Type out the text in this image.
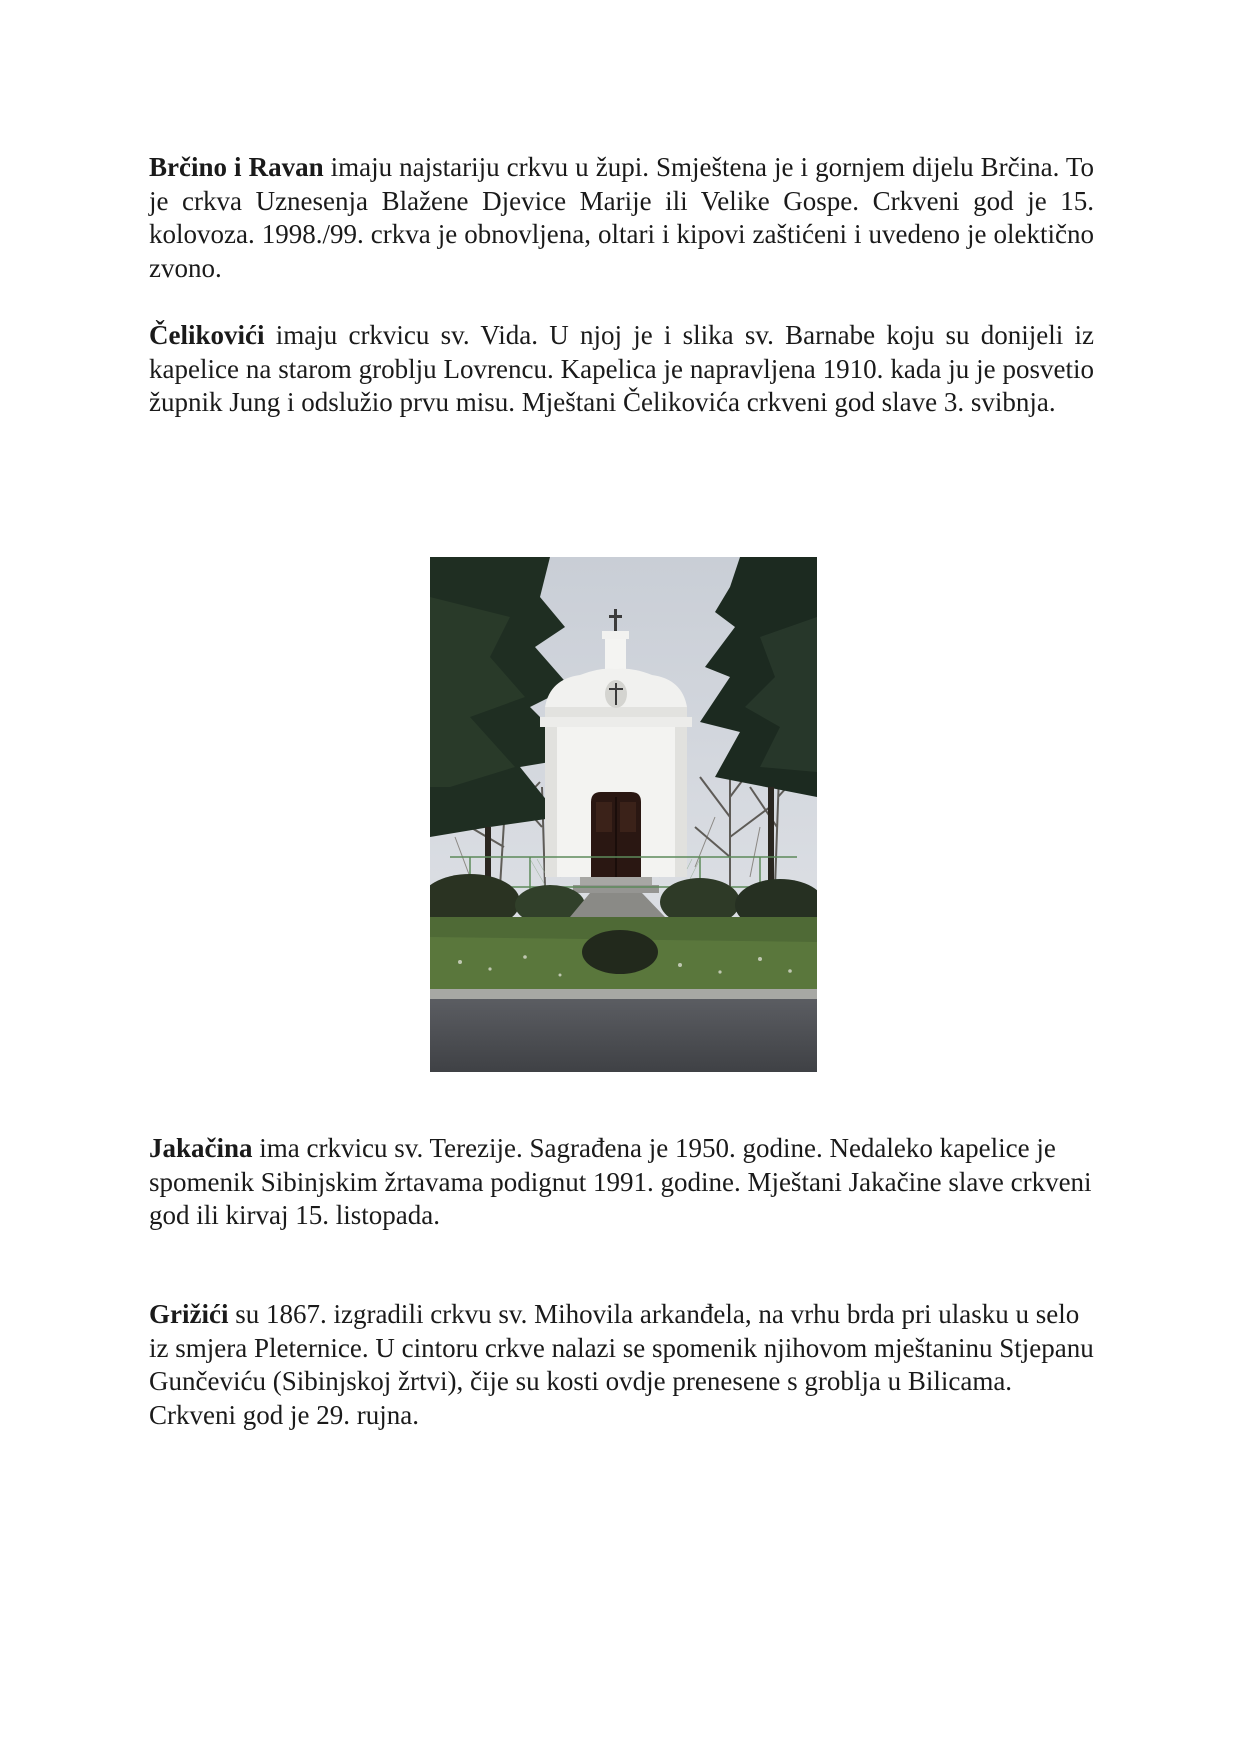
Brčino i Ravan imaju najstariju crkvu u župi. Smještena je i gornjem dijelu Brčina. To je crkva Uznesenja Blažene Djevice Marije ili Velike Gospe. Crkveni god je 15. kolovoza. 1998./99. crkva je obnovljena, oltari i kipovi zaštićeni i uvedeno je olektično zvono.

Čelikovići imaju crkvicu sv. Vida. U njoj je i slika sv. Barnabe koju su donijeli iz kapelice na starom groblju Lovrencu. Kapelica je napravljena 1910. kada ju je posvetio župnik Jung i odslužio prvu misu. Mještani Čelikovića crkveni god slave 3. svibnja.

Jakačina ima crkvicu sv. Terezije. Sagrađena je 1950. godine. Nedaleko kapelice je spomenik Sibinjskim žrtavama podignut 1991. godine. Mještani Jakačine slave crkveni god ili kirvaj 15. listopada.

Grižići su 1867. izgradili crkvu sv. Mihovila arkanđela, na vrhu brda pri ulasku u selo iz smjera Pleternice. U cintoru crkve nalazi se spomenik njihovom mještaninu Stjepanu Gunčeviću (Sibinjskoj žrtvi), čije su kosti ovdje prenesene s groblja u Bilicama. Crkveni god je 29. rujna.
